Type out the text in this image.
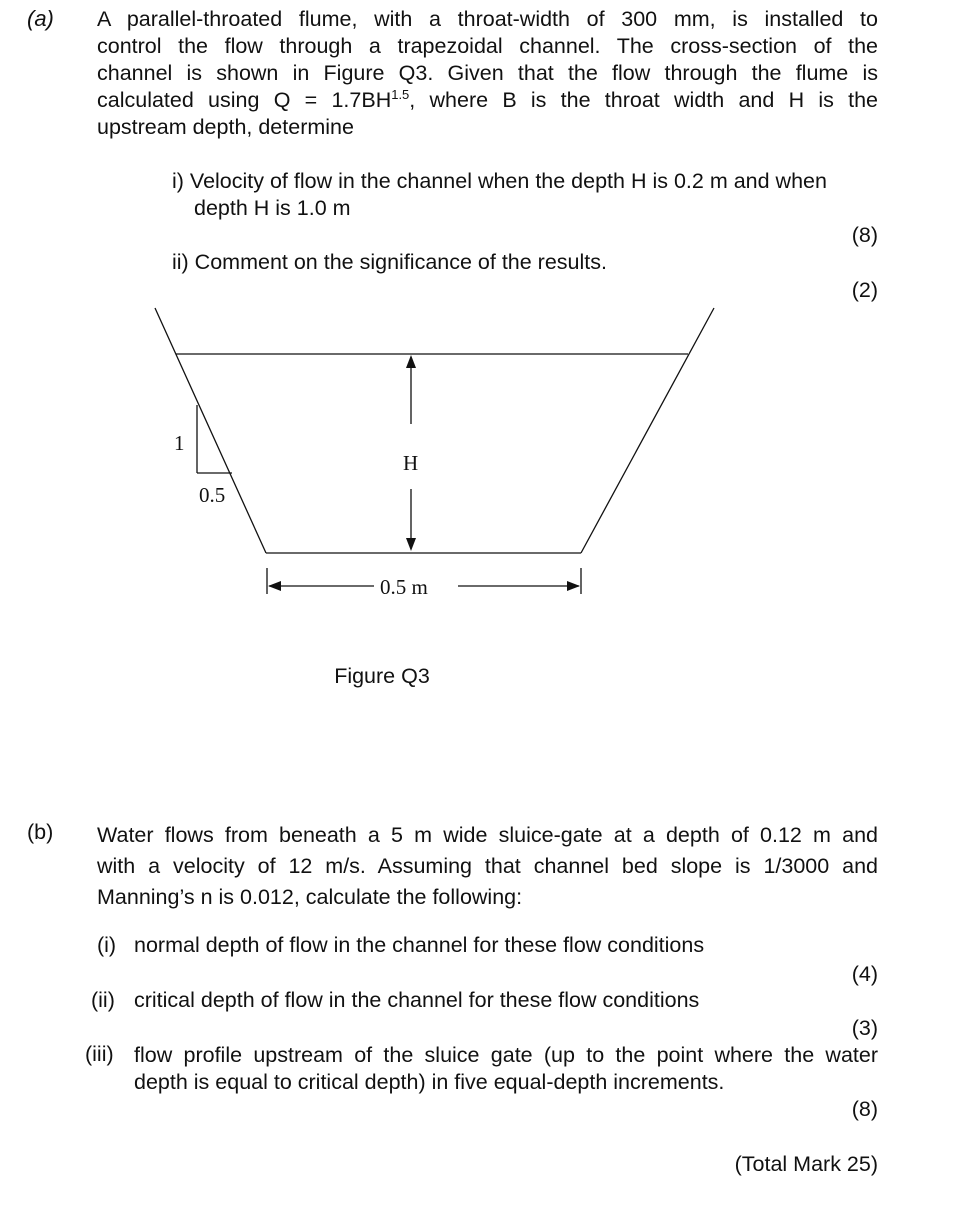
(a) A parallel-throated flume, with a throat-width of 300 mm, is installed to
control the flow through a trapezoidal channel. The cross-section of the
channel is shown in Figure Q3. Given that the flow through the flume is
calculated using $Q = 1.7BH^{1.5}$, where B is the throat width and H is the
upstream depth, determine
i) Velocity of flow in the channel when the depth H is 0.2 m and when
depth H is 1.0 m
(8)
ii) Comment on the significance of the results.
(2)
1
0.5
H
0.5 m
Figure Q3
(b) Water flows from beneath a 5 m wide sluice-gate at a depth of 0.12 m and
with a velocity of 12 m/s. Assuming that channel bed slope is 1/3000 and
Manning’s n is 0.012, calculate the following:
(i) normal depth of flow in the channel for these flow conditions
(4)
(ii) critical depth of flow in the channel for these flow conditions
(3)
(iii) flow profile upstream of the sluice gate (up to the point where the water
depth is equal to critical depth) in five equal-depth increments.
(8)
(Total Mark 25)
